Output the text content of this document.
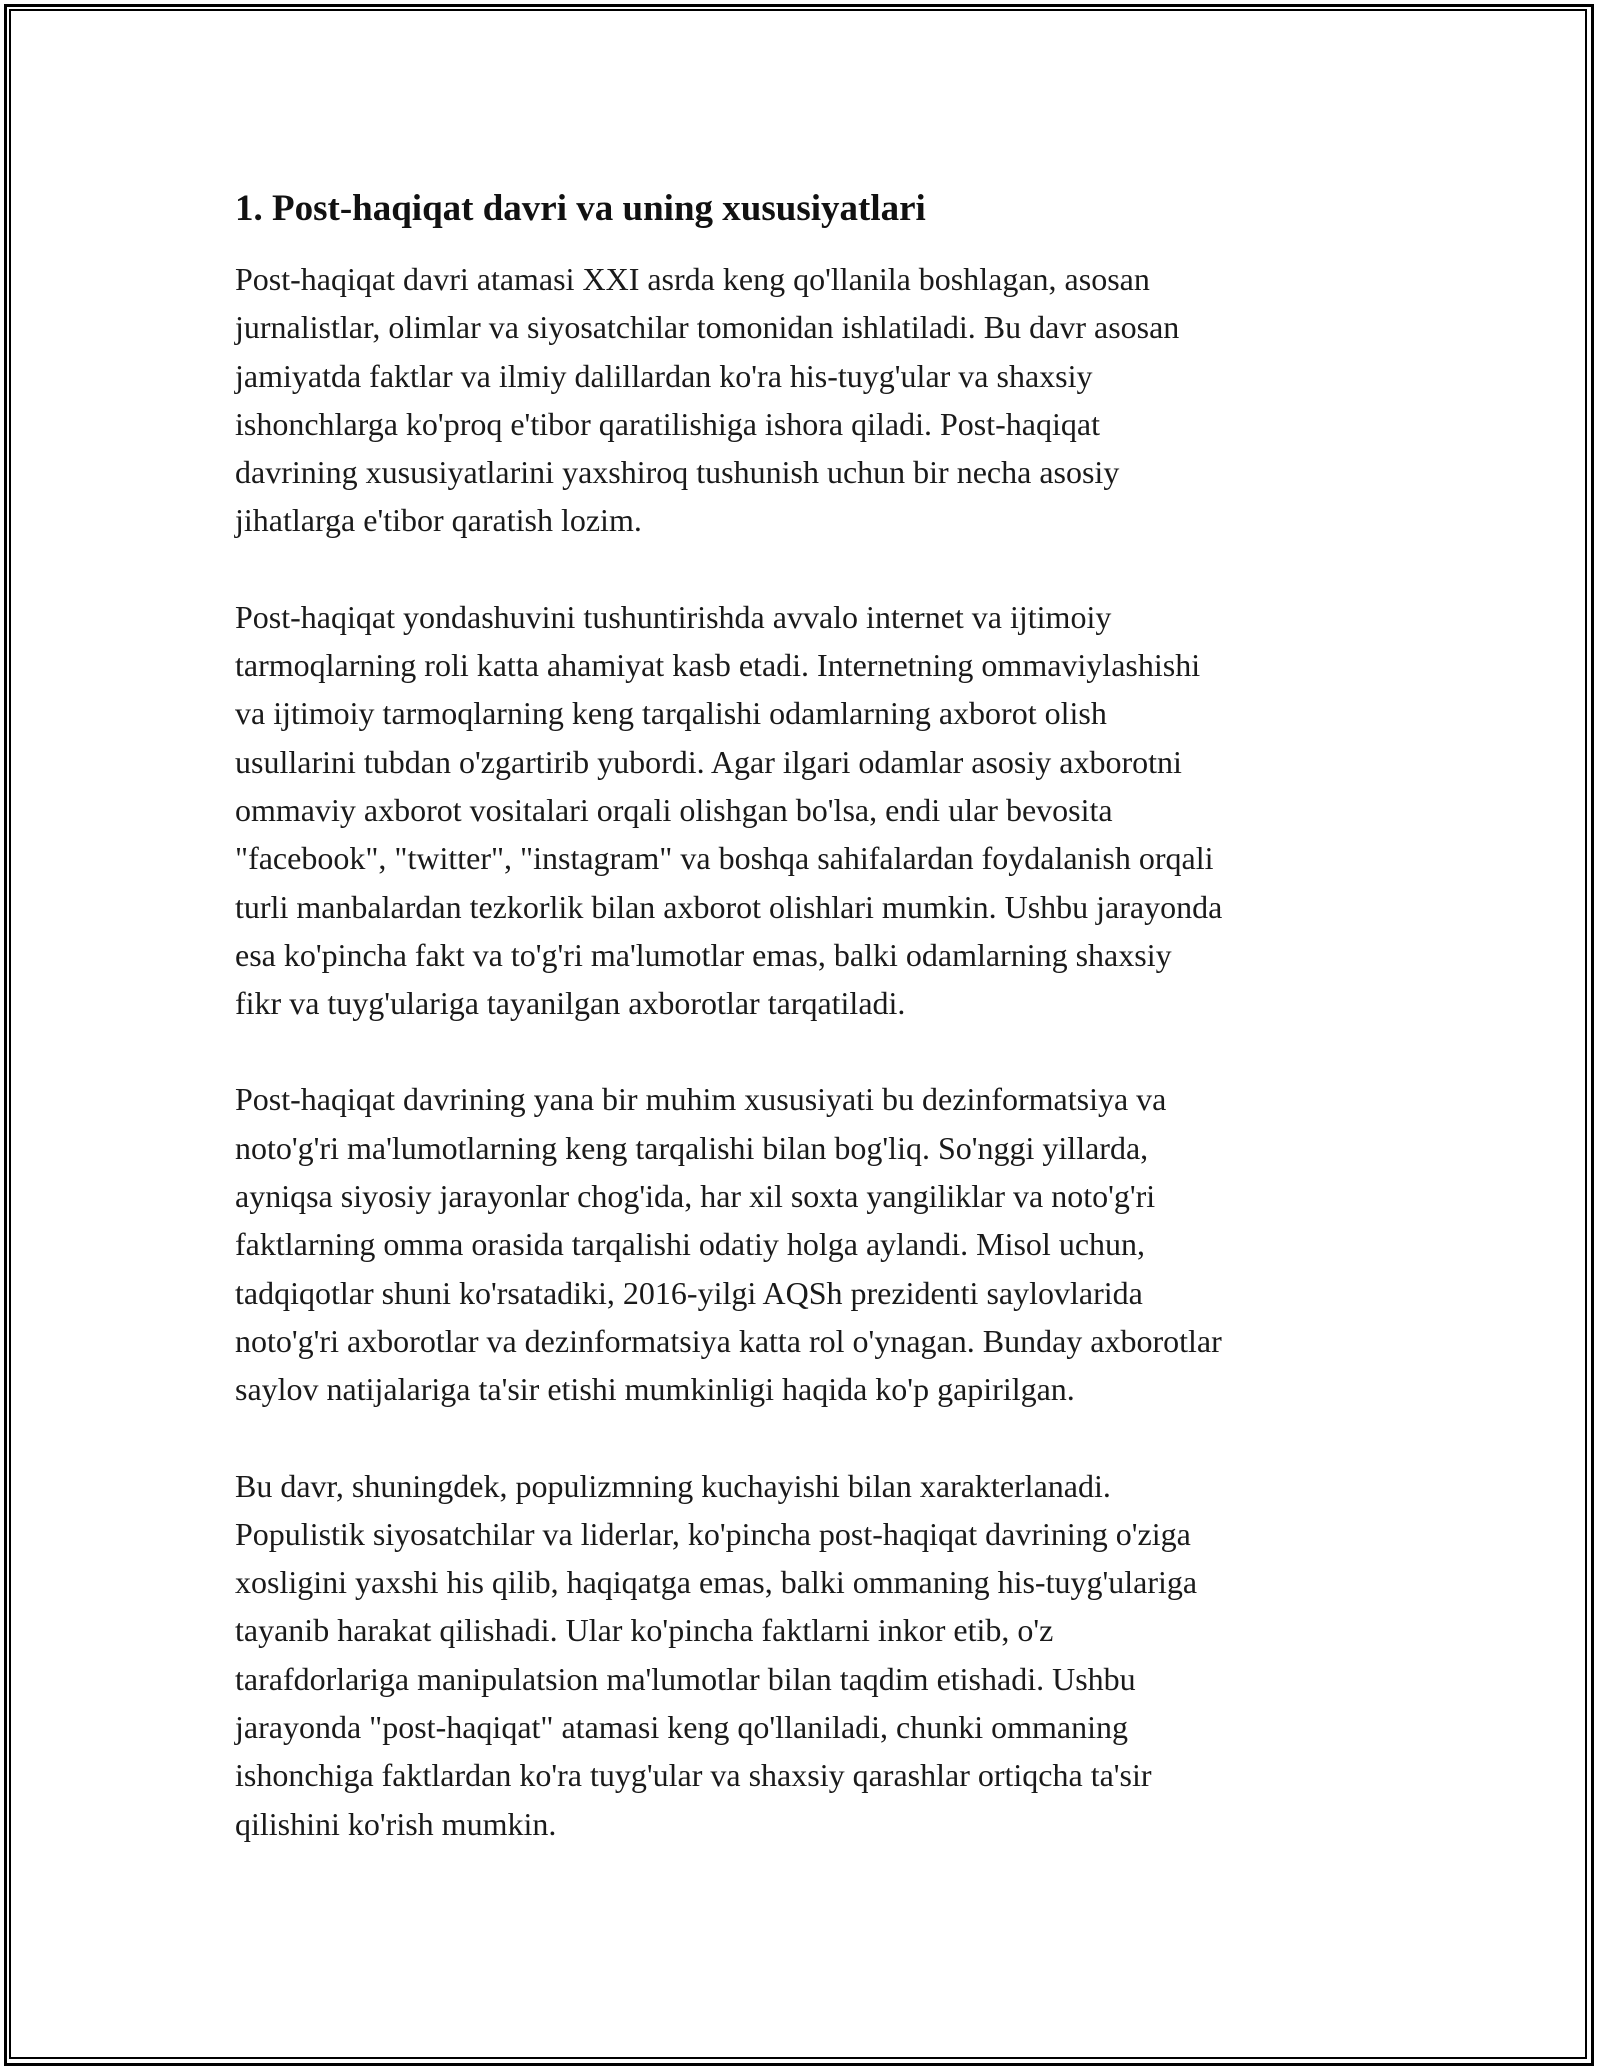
1. Post-haqiqat davri va uning xususiyatlari

Post-haqiqat davri atamasi XXI asrda keng qo'llanila boshlagan, asosan
jurnalistlar, olimlar va siyosatchilar tomonidan ishlatiladi. Bu davr asosan
jamiyatda faktlar va ilmiy dalillardan ko'ra his-tuyg'ular va shaxsiy
ishonchlarga ko'proq e'tibor qaratilishiga ishora qiladi. Post-haqiqat
davrining xususiyatlarini yaxshiroq tushunish uchun bir necha asosiy
jihatlarga e'tibor qaratish lozim.

Post-haqiqat yondashuvini tushuntirishda avvalo internet va ijtimoiy
tarmoqlarning roli katta ahamiyat kasb etadi. Internetning ommaviylashishi
va ijtimoiy tarmoqlarning keng tarqalishi odamlarning axborot olish
usullarini tubdan o'zgartirib yubordi. Agar ilgari odamlar asosiy axborotni
ommaviy axborot vositalari orqali olishgan bo'lsa, endi ular bevosita
"facebook", "twitter", "instagram" va boshqa sahifalardan foydalanish orqali
turli manbalardan tezkorlik bilan axborot olishlari mumkin. Ushbu jarayonda
esa ko'pincha fakt va to'g'ri ma'lumotlar emas, balki odamlarning shaxsiy
fikr va tuyg'ulariga tayanilgan axborotlar tarqatiladi.

Post-haqiqat davrining yana bir muhim xususiyati bu dezinformatsiya va
noto'g'ri ma'lumotlarning keng tarqalishi bilan bog'liq. So'nggi yillarda,
ayniqsa siyosiy jarayonlar chog'ida, har xil soxta yangiliklar va noto'g'ri
faktlarning omma orasida tarqalishi odatiy holga aylandi. Misol uchun,
tadqiqotlar shuni ko'rsatadiki, 2016-yilgi AQSh prezidenti saylovlarida
noto'g'ri axborotlar va dezinformatsiya katta rol o'ynagan. Bunday axborotlar
saylov natijalariga ta'sir etishi mumkinligi haqida ko'p gapirilgan.

Bu davr, shuningdek, populizmning kuchayishi bilan xarakterlanadi.
Populistik siyosatchilar va liderlar, ko'pincha post-haqiqat davrining o'ziga
xosligini yaxshi his qilib, haqiqatga emas, balki ommaning his-tuyg'ulariga
tayanib harakat qilishadi. Ular ko'pincha faktlarni inkor etib, o'z
tarafdorlariga manipulatsion ma'lumotlar bilan taqdim etishadi. Ushbu
jarayonda "post-haqiqat" atamasi keng qo'llaniladi, chunki ommaning
ishonchiga faktlardan ko'ra tuyg'ular va shaxsiy qarashlar ortiqcha ta'sir
qilishini ko'rish mumkin.
